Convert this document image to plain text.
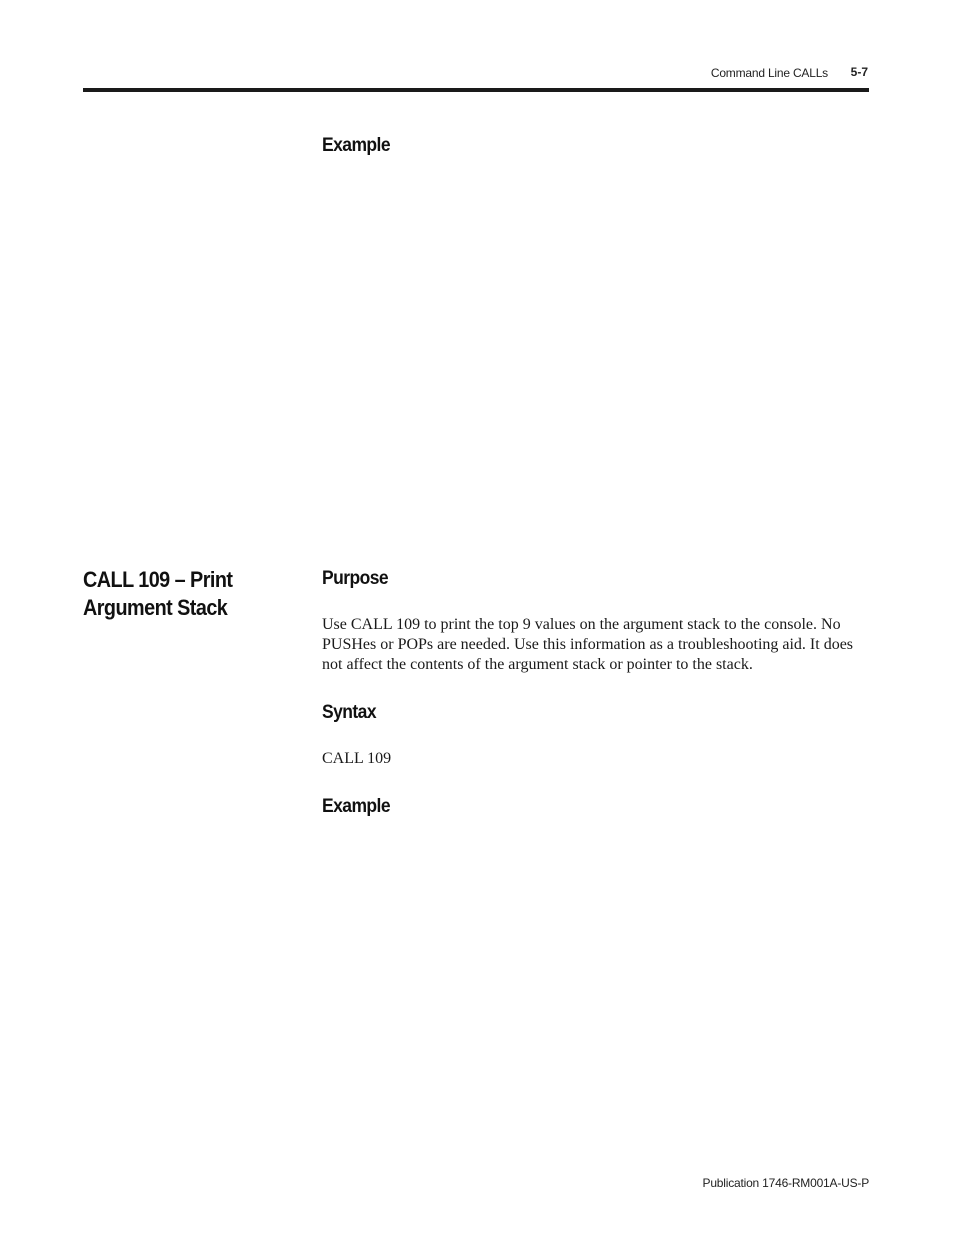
Command Line CALLs 5-7
Example
CALL 109 – Print
Argument Stack
Purpose
Use CALL 109 to print the top 9 values on the argument stack to the console. No PUSHes or POPs are needed. Use this information as a troubleshooting aid. It does not affect the contents of the argument stack or pointer to the stack.
Syntax
CALL 109
Example
Publication 1746-RM001A-US-P
